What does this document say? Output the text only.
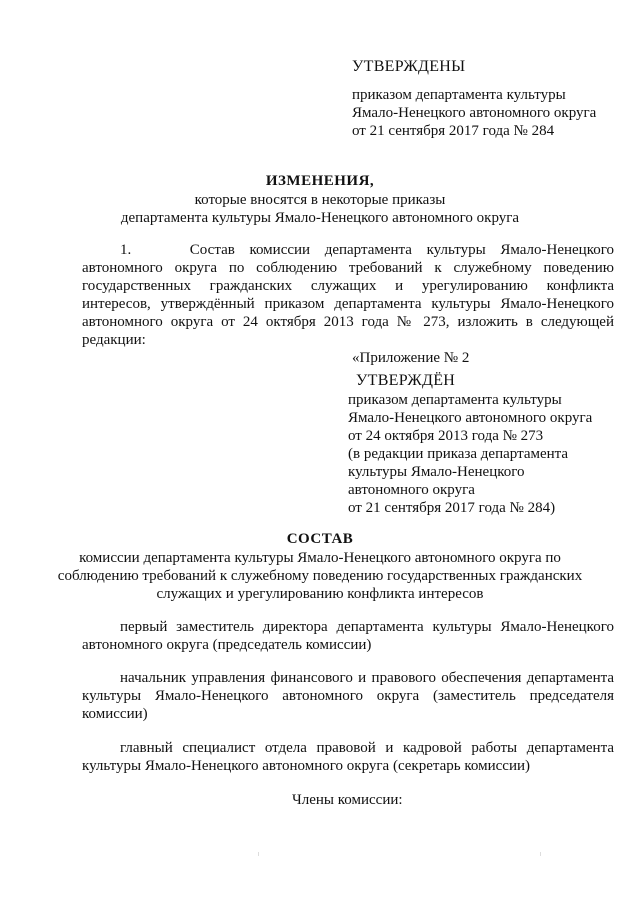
УТВЕРЖДЕНЫ
приказом департамента культуры
Ямало-Ненецкого автономного округа
от 21 сентября 2017 года № 284
ИЗМЕНЕНИЯ,
которые вносятся в некоторые приказы
департамента культуры Ямало-Ненецкого автономного округа
1.    Состав комиссии департамента культуры Ямало-Ненецкого
автономного округа по соблюдению требований к служебному поведению
государственных гражданских служащих и урегулированию конфликта
интересов, утверждённый приказом департамента культуры Ямало-Ненецкого
автономного округа от 24 октября 2013 года № 273, изложить в следующей
редакции:
«Приложение № 2
УТВЕРЖДЁН
приказом департамента культуры
Ямало-Ненецкого автономного округа
от 24 октября 2013 года № 273
(в редакции приказа департамента
культуры Ямало-Ненецкого
автономного округа
от 21 сентября 2017 года № 284)
СОСТАВ
комиссии департамента культуры Ямало-Ненецкого автономного округа по
соблюдению требований к служебному поведению государственных гражданских
служащих и урегулированию конфликта интересов
первый заместитель директора департамента культуры Ямало-Ненецкого
автономного округа (председатель комиссии)
начальник управления финансового и правового обеспечения департамента
культуры Ямало-Ненецкого автономного округа (заместитель председателя
комиссии)
главный специалист отдела правовой и кадровой работы департамента
культуры Ямало-Ненецкого автономного округа (секретарь комиссии)
Члены комиссии:
